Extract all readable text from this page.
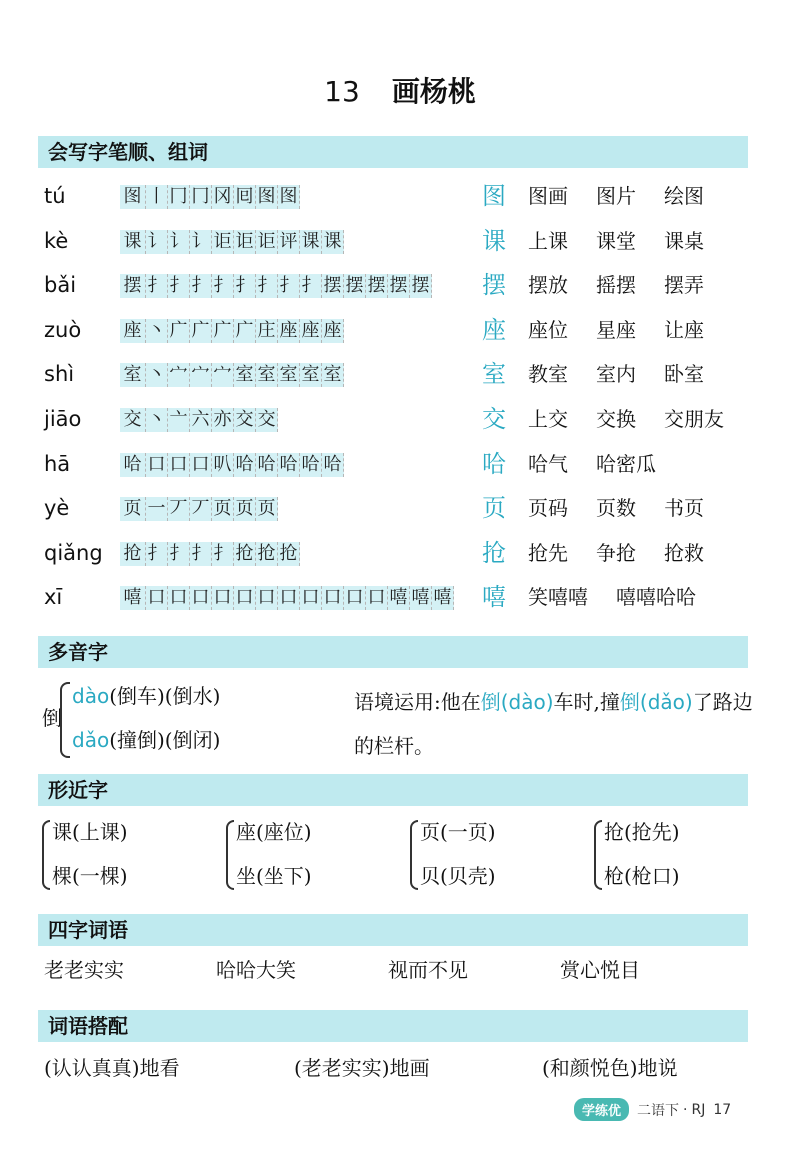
13 画杨桃
会写字笔顺、组词
tú	图 丨 冂 冂 冈 囘 图 图	图	图画 图片 绘图
kè	课 讠 讠 讠 讵 讵 讵 评 课 课	课	上课 课堂 课桌
bǎi	摆 扌 扌 扌 扌 扌 扌 扌 扌 摆 摆 摆 摆 摆	摆	摆放 摇摆 摆弄
zuò	座 丶 广 广 广 广 庄 座 座 座	座	座位 星座 让座
shì	室 丶 宀 宀 宀 室 室 室 室 室	室	教室 室内 卧室
jiāo	交 丶 亠 六 亦 交 交	交	上交 交换 交朋友
hā	哈 口 口 口 叭 哈 哈 哈 哈 哈	哈	哈气 哈密瓜
yè	页 一 丆 丆 页 页 页	页	页码 页数 书页
qiǎng	抢 扌 扌 扌 扌 抢 抢 抢	抢	抢先 争抢 抢救
xī	嘻 口 口 口 口 口 口 口 口 口 口 口 嘻 嘻 嘻	嘻	笑嘻嘻 嘻嘻哈哈
多音字
倒
dào(倒车)(倒水)
dǎo(撞倒)(倒闭)
语境运用:他在倒(dào)车时,撞倒(dǎo)了路边的栏杆。
形近字
课(上课)
棵(一棵)
座(座位)
坐(坐下)
页(一页)
贝(贝壳)
抢(抢先)
枪(枪口)
四字词语
老老实实	哈哈大笑	视而不见	赏心悦目
词语搭配
(认认真真)地看	(老老实实)地画	(和颜悦色)地说
学练优	二语下 · RJ 17
